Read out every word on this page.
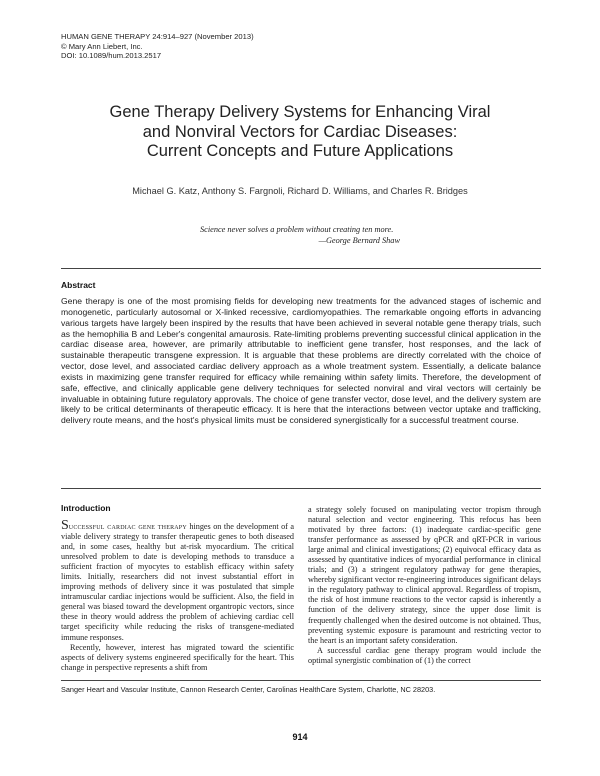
HUMAN GENE THERAPY 24:914–927 (November 2013)
© Mary Ann Liebert, Inc.
DOI: 10.1089/hum.2013.2517
Gene Therapy Delivery Systems for Enhancing Viral
and Nonviral Vectors for Cardiac Diseases:
Current Concepts and Future Applications
Michael G. Katz, Anthony S. Fargnoli, Richard D. Williams, and Charles R. Bridges
Science never solves a problem without creating ten more.
—George Bernard Shaw
Abstract
Gene therapy is one of the most promising fields for developing new treatments for the advanced stages of ischemic and monogenetic, particularly autosomal or X-linked recessive, cardiomyopathies. The remarkable ongoing efforts in advancing various targets have largely been inspired by the results that have been achieved in several notable gene therapy trials, such as the hemophilia B and Leber's congenital amaurosis. Rate-limiting problems preventing successful clinical application in the cardiac disease area, however, are primarily attributable to inefficient gene transfer, host responses, and the lack of sustainable therapeutic transgene expression. It is arguable that these problems are directly correlated with the choice of vector, dose level, and associated cardiac delivery approach as a whole treatment system. Essentially, a delicate balance exists in maximizing gene transfer required for efficacy while remaining within safety limits. Therefore, the development of safe, effective, and clinically applicable gene delivery techniques for selected nonviral and viral vectors will certainly be invaluable in obtaining future regulatory approvals. The choice of gene transfer vector, dose level, and the delivery system are likely to be critical determinants of therapeutic efficacy. It is here that the interactions between vector uptake and trafficking, delivery route means, and the host's physical limits must be considered synergistically for a successful treatment course.
Introduction

Successful cardiac gene therapy hinges on the development of a viable delivery strategy to transfer therapeutic genes to both diseased and, in some cases, healthy but at-risk myocardium. The critical unresolved problem to date is developing methods to transduce a sufficient fraction of myocytes to establish efficacy within safety limits. Initially, researchers did not invest substantial effort in improving methods of delivery since it was postulated that simple intramuscular cardiac injections would be sufficient. Also, the field in general was biased toward the development organtropic vectors, since these in theory would address the problem of achieving cardiac cell target specificity while reducing the risks of transgene-mediated immune responses.

Recently, however, interest has migrated toward the scientific aspects of delivery systems engineered specifically for the heart. This change in perspective represents a shift from

a strategy solely focused on manipulating vector tropism through natural selection and vector engineering. This refocus has been motivated by three factors: (1) inadequate cardiac-specific gene transfer performance as assessed by qPCR and qRT-PCR in various large animal and clinical investigations; (2) equivocal efficacy data as assessed by quantitative indices of myocardial performance in clinical trials; and (3) a stringent regulatory pathway for gene therapies, whereby significant vector re-engineering introduces significant delays in the regulatory pathway to clinical approval. Regardless of tropism, the risk of host immune reactions to the vector capsid is inherently a function of the delivery strategy, since the upper dose limit is frequently challenged when the desired outcome is not obtained. Thus, preventing systemic exposure is paramount and restricting vector to the heart is an important safety consideration.

A successful cardiac gene therapy program would include the optimal synergistic combination of (1) the correct

Sanger Heart and Vascular Institute, Cannon Research Center, Carolinas HealthCare System, Charlotte, NC 28203.
914
